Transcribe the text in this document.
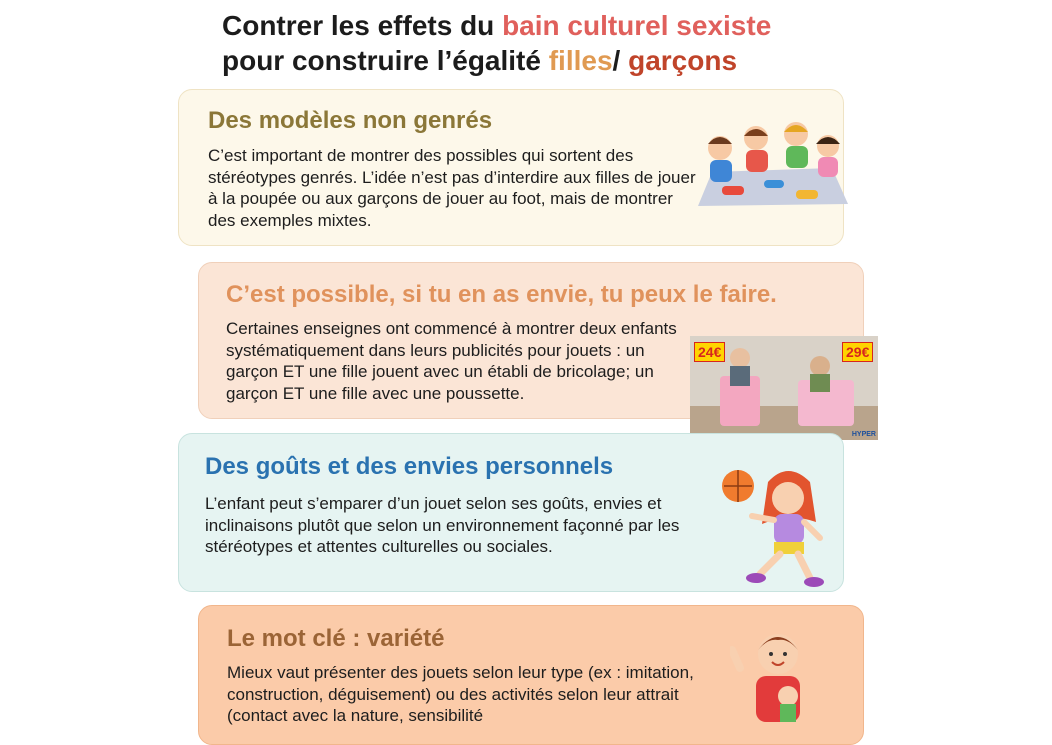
Contrer les effets du bain culturel sexiste
pour construire l’égalité filles/ garçons
Des modèles non genrés

C’est important de montrer des possibles qui sortent des stéréotypes genrés. L’idée n’est pas d’interdire aux filles de jouer à la poupée ou aux garçons de jouer au foot, mais de montrer des exemples mixtes.

C’est possible, si tu en as envie, tu peux le faire.

Certaines enseignes ont commencé à montrer deux enfants systématiquement dans leurs publicités pour jouets : un garçon ET une fille jouent avec un établi de bricolage; un garçon ET une fille avec une poussette.

24€	29€
HYPER
Des goûts et des envies personnels

L’enfant peut s’emparer d’un jouet selon ses goûts, envies et inclinaisons plutôt que selon un environnement façonné par les stéréotypes et attentes culturelles ou sociales.

Le mot clé : variété

Mieux vaut présenter des jouets selon leur type (ex : imitation, construction, déguisement) ou des activités selon leur attrait (contact avec la nature, sensibilité
